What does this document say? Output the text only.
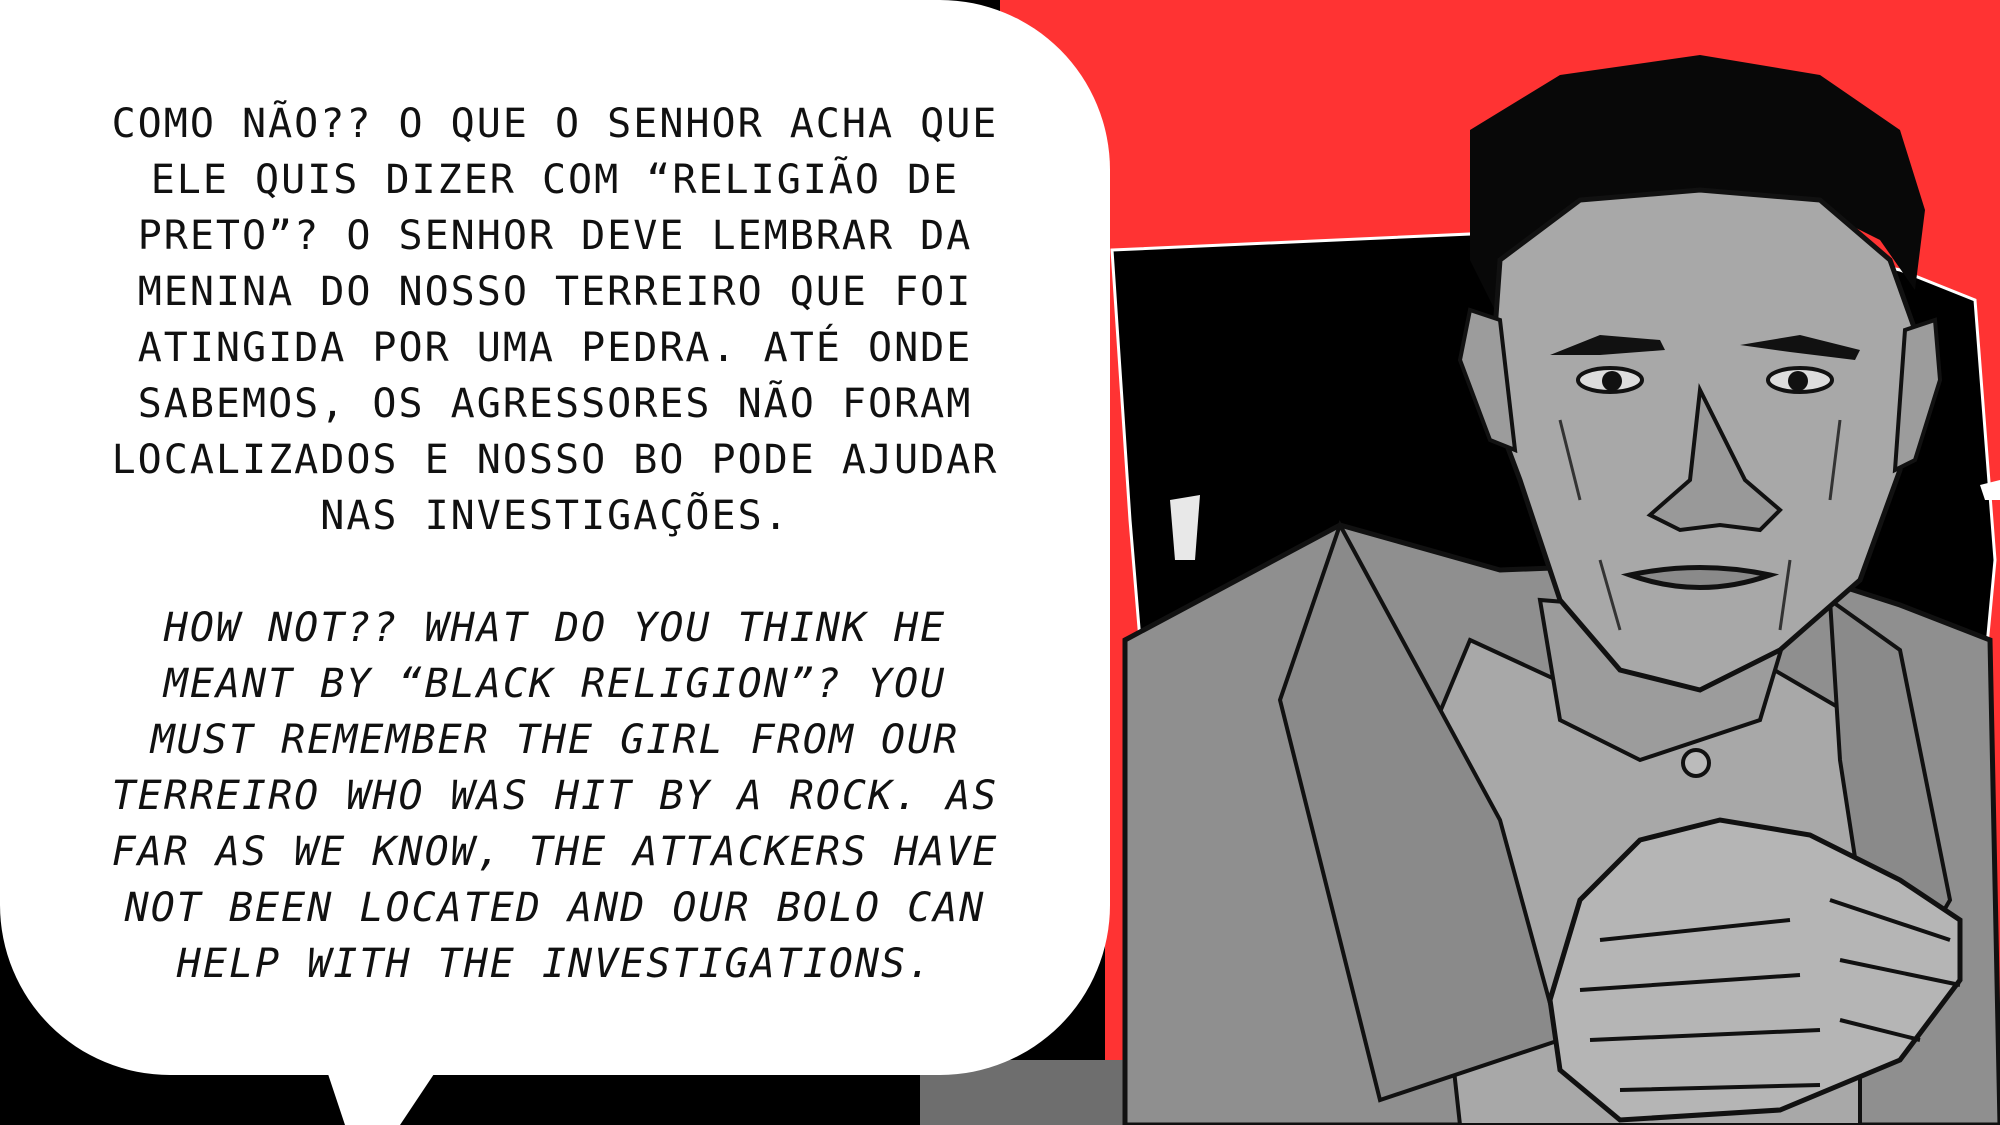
COMO NÃO?? O QUE O SENHOR ACHA QUE
ELE QUIS DIZER COM “RELIGIÃO DE
PRETO”? O SENHOR DEVE LEMBRAR DA
MENINA DO NOSSO TERREIRO QUE FOI
ATINGIDA POR UMA PEDRA. ATÉ ONDE
SABEMOS, OS AGRESSORES NÃO FORAM
LOCALIZADOS E NOSSO BO PODE AJUDAR
NAS INVESTIGAÇÕES.

HOW NOT?? WHAT DO YOU THINK HE
MEANT BY “BLACK RELIGION”? YOU
MUST REMEMBER THE GIRL FROM OUR
TERREIRO WHO WAS HIT BY A ROCK. AS
FAR AS WE KNOW, THE ATTACKERS HAVE
NOT BEEN LOCATED AND OUR BOLO CAN
HELP WITH THE INVESTIGATIONS.
